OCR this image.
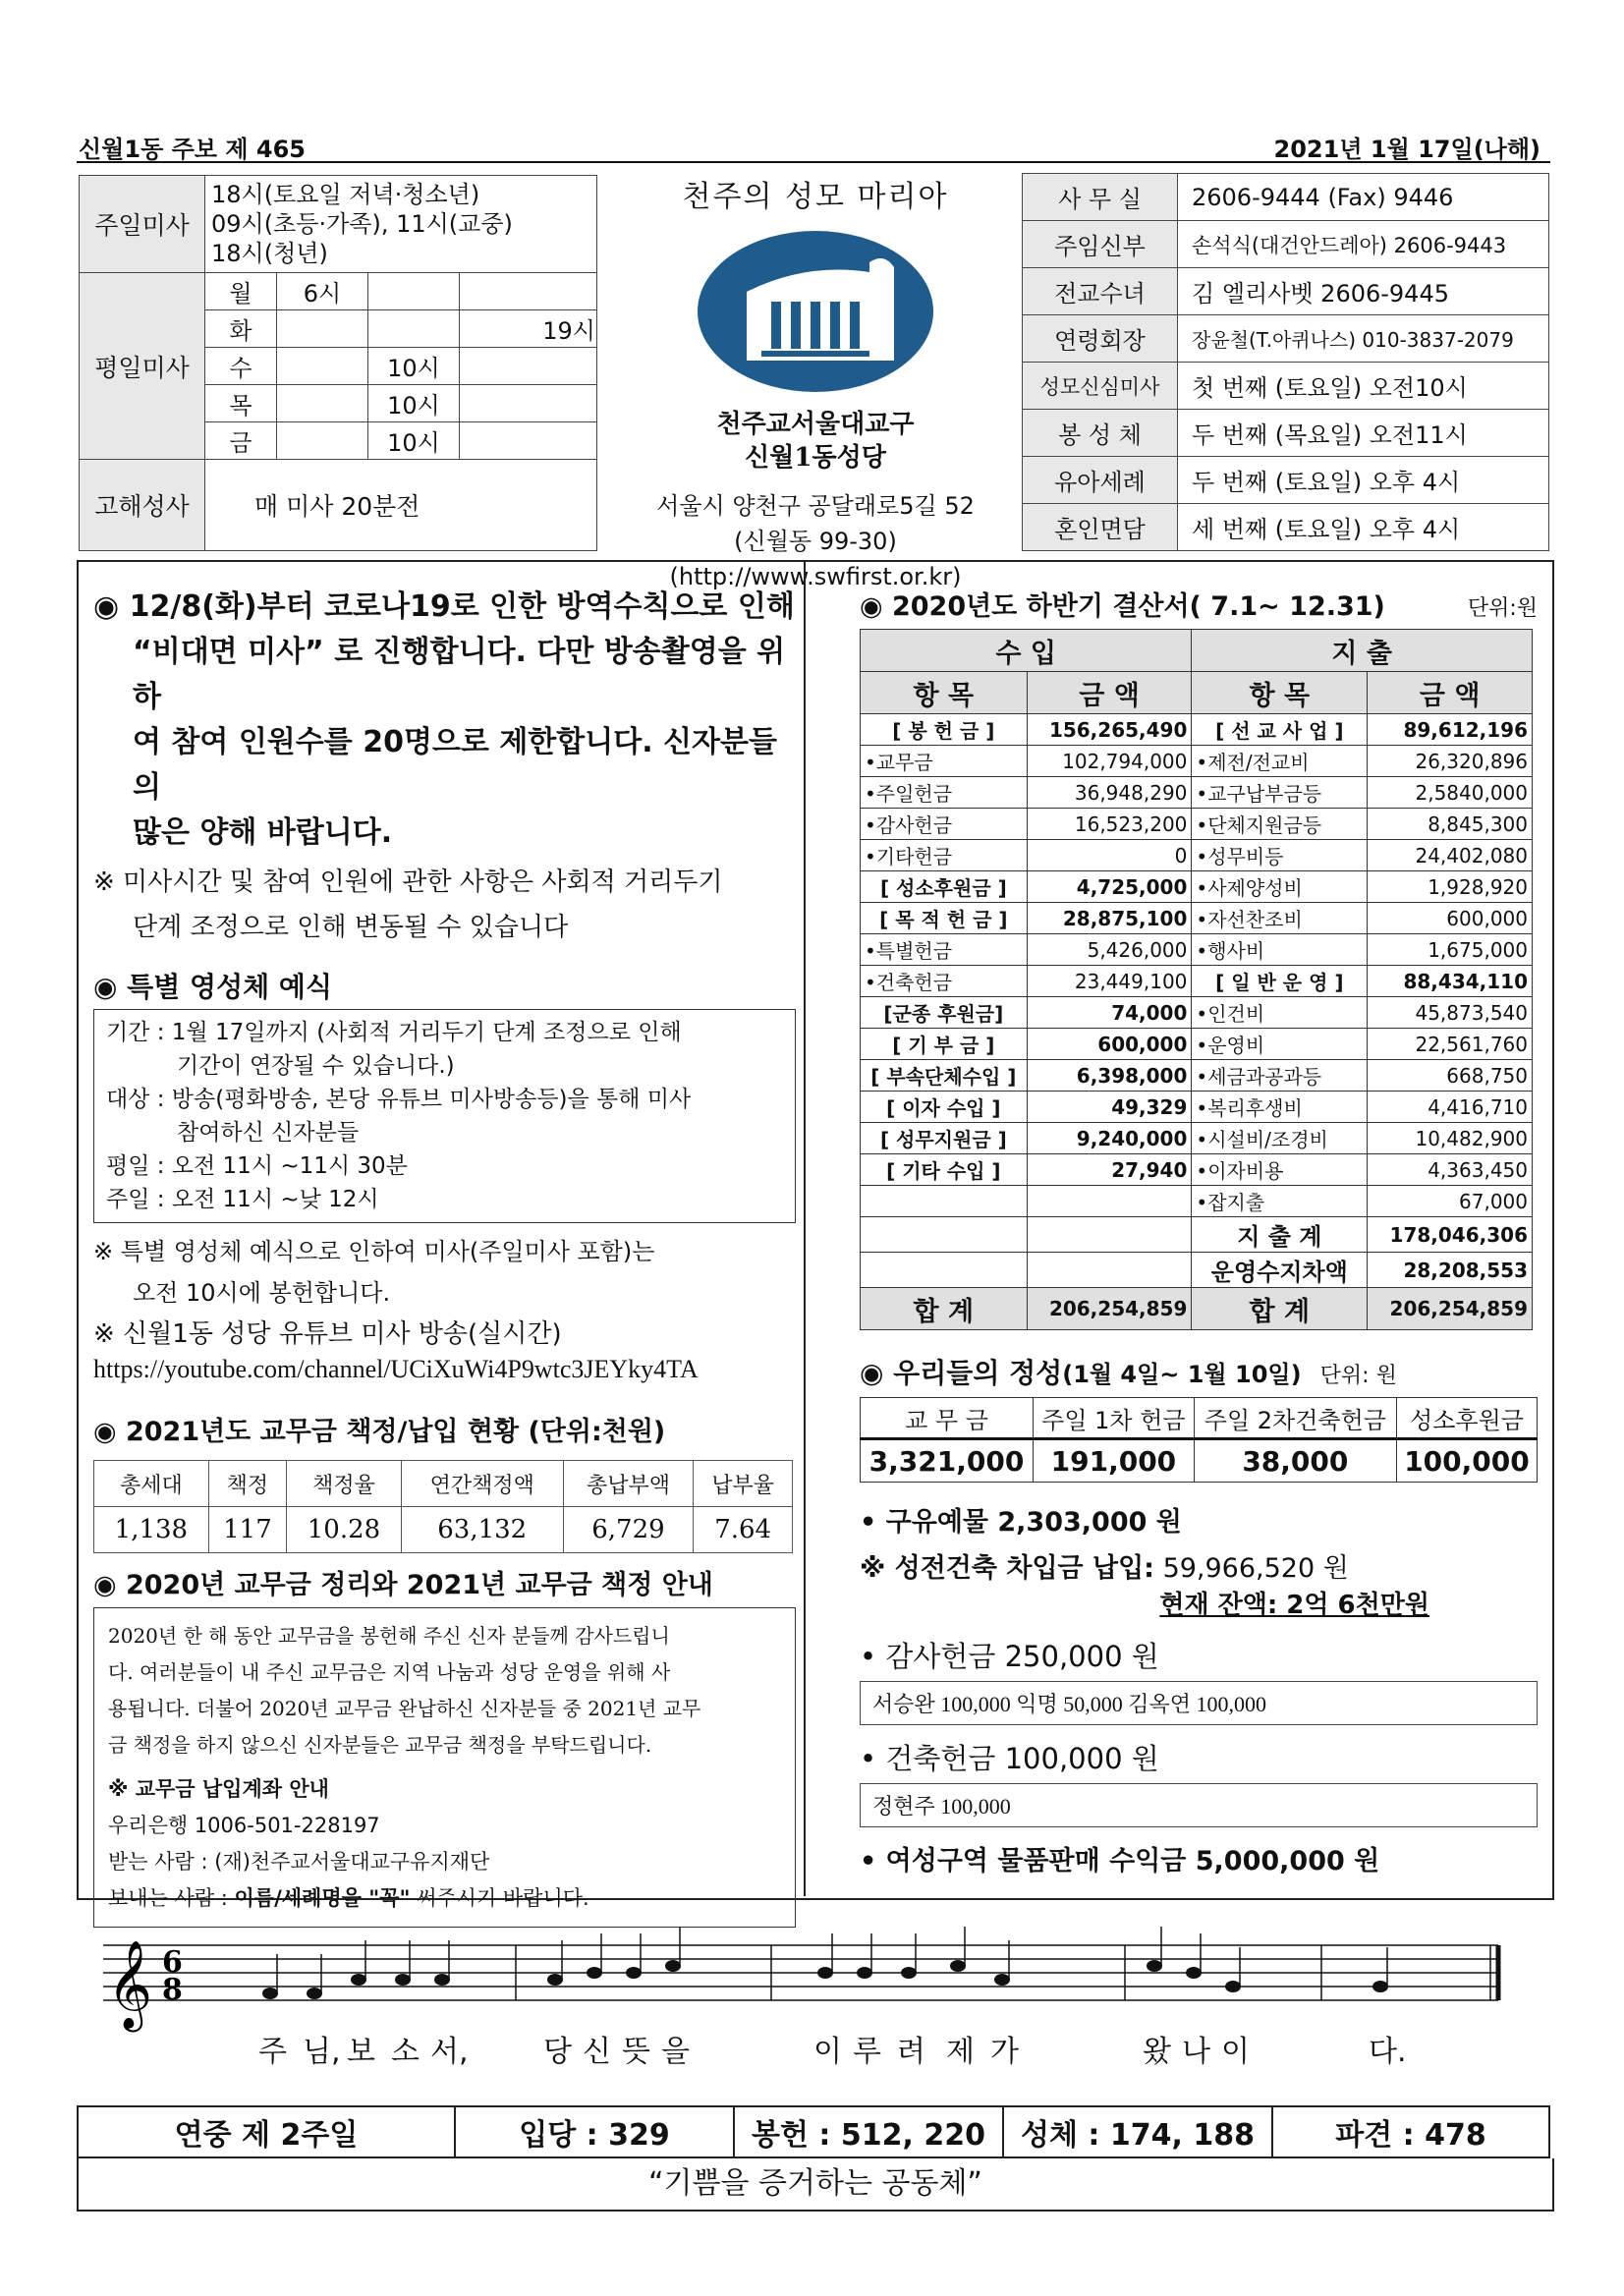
신월1동 주보 제 465	2021년 1월 17일(나해)
주일미사	18시(토요일 저녁·청소년)
09시(초등·가족), 11시(교중)
18시(청년)			

평일미사	월	6시		
	화			19시
	수		10시	
	목		10시	
	금		10시	
고해성사	매 미사 20분전			
천주의 성모 마리아
천주교서울대교구
신월1동성당
서울시 양천구 공달래로5길 52
(신월동 99-30)
(http://www.swfirst.or.kr)
사 무 실	2606-9444 (Fax) 9446
주임신부	손석식(대건안드레아) 2606-9443
전교수녀	김 엘리사벳 2606-9445
연령회장	장윤철(T.아퀴나스) 010-3837-2079
성모신심미사	첫 번째 (토요일) 오전10시
봉 성 체	두 번째 (목요일) 오전11시
유아세례	두 번째 (토요일) 오후 4시
혼인면담	세 번째 (토요일) 오후 4시
◉ 12/8(화)부터 코로나19로 인한 방역수칙으로 인해
“비대면 미사” 로 진행합니다. 다만 방송촬영을 위하
여 참여 인원수를 20명으로 제한합니다. 신자분들의
많은 양해 바랍니다.
※ 미사시간 및 참여 인원에 관한 사항은 사회적 거리두기
단계 조정으로 인해 변동될 수 있습니다
◉ 특별 영성체 예식
기간 : 1월 17일까지 (사회적 거리두기 단계 조정으로 인해
기간이 연장될 수 있습니다.)
대상 : 방송(평화방송, 본당 유튜브 미사방송등)을 통해 미사
참여하신 신자분들
평일 : 오전 11시 ~11시 30분
주일 : 오전 11시 ~낮 12시
※ 특별 영성체 예식으로 인하여 미사(주일미사 포함)는
오전 10시에 봉헌합니다.
※ 신월1동 성당 유튜브 미사 방송(실시간)
https://youtube.com/channel/UCiXuWi4P9wtc3JEYky4TA
◉ 2021년도 교무금 책정/납입 현황 (단위:천원)
총세대	책정	책정율	연간책정액	총납부액	납부율
1,138	117	10.28	63,132	6,729	7.64
◉ 2020년 교무금 정리와 2021년 교무금 책정 안내
2020년 한 해 동안 교무금을 봉헌해 주신 신자 분들께 감사드립니
다. 여러분들이 내 주신 교무금은 지역 나눔과 성당 운영을 위해 사
용됩니다. 더불어 2020년 교무금 완납하신 신자분들 중 2021년 교무
금 책정을 하지 않으신 신자분들은 교무금 책정을 부탁드립니다.
※ 교무금 납입계좌 안내
우리은행 1006-501-228197
받는 사람 : (재)천주교서울대교구유지재단
보내는 사람 : 이름/세례명을 "꼭" 써주시기 바랍니다.
◉ 2020년도 하반기 결산서( 7.1~ 12.31)	단위:원
수 입		지 출	
항 목	금 액	항 목	금 액
[ 봉 헌 금 ]	156,265,490	[ 선 교 사 업 ]	89,612,196
•교무금	102,794,000	•제전/전교비	26,320,896
•주일헌금	36,948,290	•교구납부금등	2,5840,000
•감사헌금	16,523,200	•단체지원금등	8,845,300
•기타헌금	0	•성무비등	24,402,080
[ 성소후원금 ]	4,725,000	•사제양성비	1,928,920
[ 목 적 헌 금 ]	28,875,100	•자선찬조비	600,000
•특별헌금	5,426,000	•행사비	1,675,000
•건축헌금	23,449,100	[ 일 반 운 영 ]	88,434,110
[군종 후원금]	74,000	•인건비	45,873,540
[ 기 부 금 ]	600,000	•운영비	22,561,760
[ 부속단체수입 ]	6,398,000	•세금과공과등	668,750
[ 이자 수입 ]	49,329	•복리후생비	4,416,710
[ 성무지원금 ]	9,240,000	•시설비/조경비	10,482,900
[ 기타 수입 ]	27,940	•이자비용	4,363,450
		•잡지출	67,000
		지 출 계	178,046,306
		운영수지차액	28,208,553
합 계	206,254,859	합 계	206,254,859
◉ 우리들의 정성(1월 4일~ 1월 10일) 단위: 원
교 무 금	주일 1차 헌금	주일 2차건축헌금	성소후원금
3,321,000	191,000	38,000	100,000
• 구유예물 2,303,000 원
※ 성전건축 차입금 납입: 59,966,520 원
현재 잔액: 2억 6천만원
• 감사헌금 250,000 원
서승완 100,000 익명 50,000 김옥연 100,000
• 건축헌금 100,000 원
정현주 100,000
• 여성구역 물품판매 수익금 5,000,000 원
𝄞 6
8
주 님, 보 소 서,	당 신 뜻 을	이 루 려 제 가	왔 나 이	다.
연중 제 2주일	입당 : 329	봉헌 : 512, 220	성체 : 174, 188	파견 : 478
“기쁨을 증거하는 공동체”
